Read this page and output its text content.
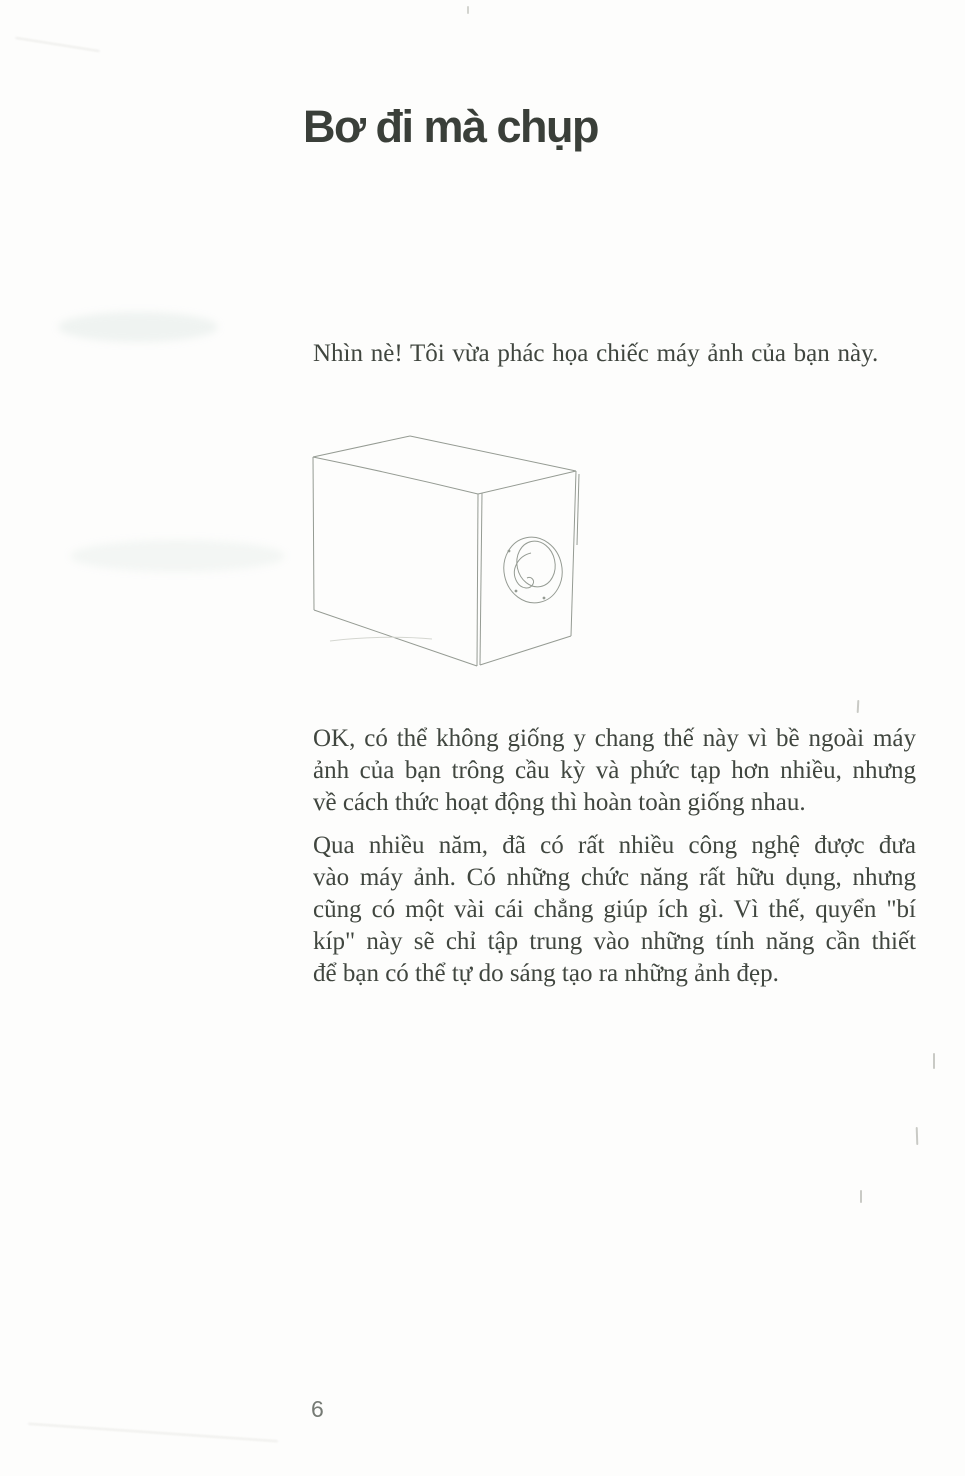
Bơ đi mà chụp

Nhìn nè! Tôi vừa phác họa chiếc máy ảnh của bạn này.

OK, có thể không giống y chang thế này vì bề ngoài máy
ảnh của bạn trông cầu kỳ và phức tạp hơn nhiều, nhưng
về cách thức hoạt động thì hoàn toàn giống nhau.
Qua nhiều năm, đã có rất nhiều công nghệ được đưa
vào máy ảnh. Có những chức năng rất hữu dụng, nhưng
cũng có một vài cái chẳng giúp ích gì. Vì thế, quyển "bí
kíp" này sẽ chỉ tập trung vào những tính năng cần thiết
để bạn có thể tự do sáng tạo ra những ảnh đẹp.
6
